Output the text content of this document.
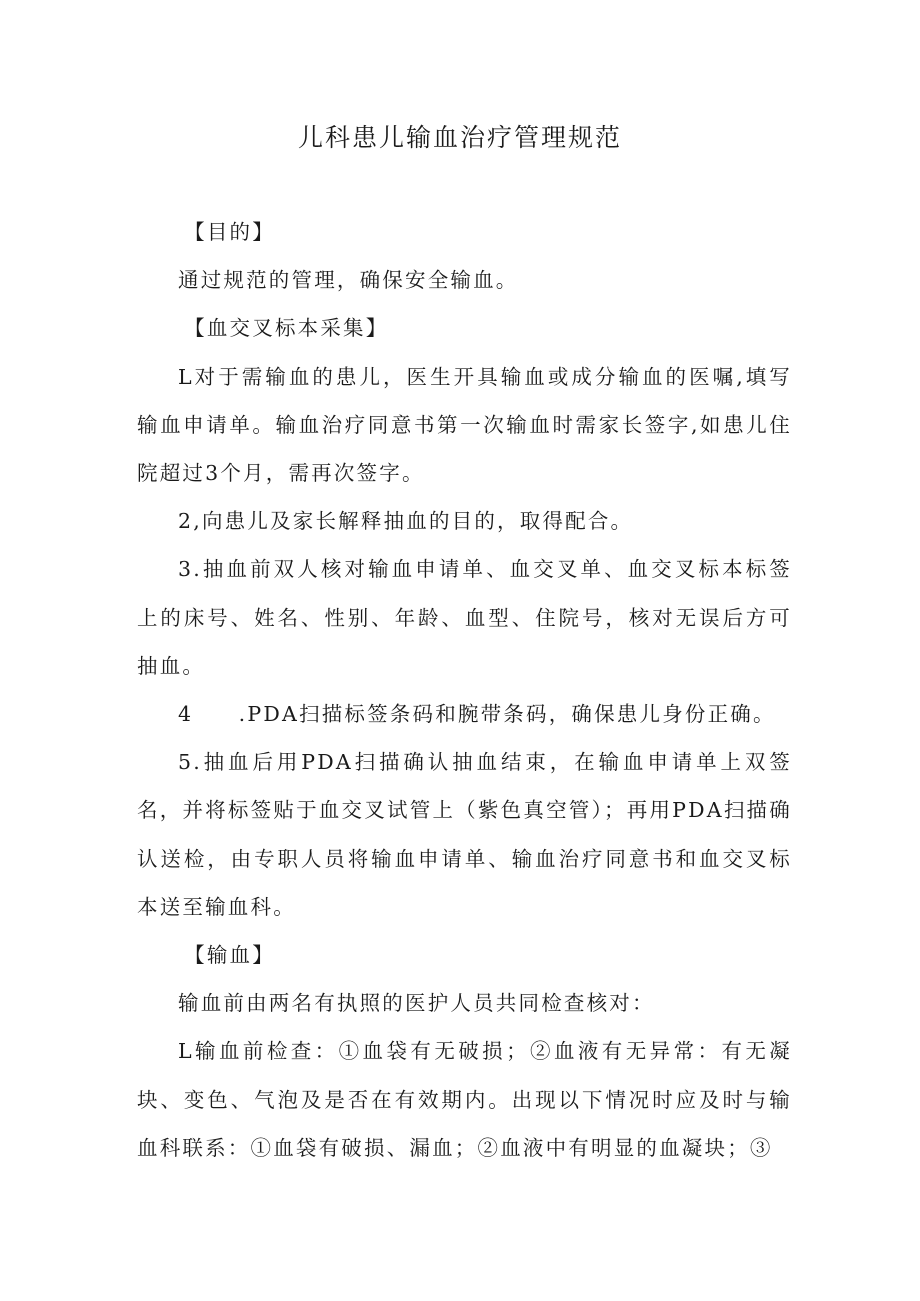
儿科患儿输血治疗管理规范

【目的】

通过规范的管理，确保安全输血。

【血交叉标本采集】

L对于需输血的患儿，医生开具输血或成分输血的医嘱,填写输血申请单。输血治疗同意书第一次输血时需家长签字,如患儿住院超过3个月，需再次签字。

2,向患儿及家长解释抽血的目的，取得配合。

3.抽血前双人核对输血申请单、血交叉单、血交叉标本标签上的床号、姓名、性别、年龄、血型、住院号，核对无误后方可抽血。

4　　.PDA扫描标签条码和腕带条码，确保患儿身份正确。

5.抽血后用PDA扫描确认抽血结束，在输血申请单上双签名，并将标签贴于血交叉试管上（紫色真空管）；再用PDA扫描确认送检，由专职人员将输血申请单、输血治疗同意书和血交叉标本送至输血科。

【输血】

输血前由两名有执照的医护人员共同检查核对：

L输血前检查：①血袋有无破损；②血液有无异常：有无凝块、变色、气泡及是否在有效期内。出现以下情况时应及时与输血科联系：①血袋有破损、漏血；②血液中有明显的血凝块；③
